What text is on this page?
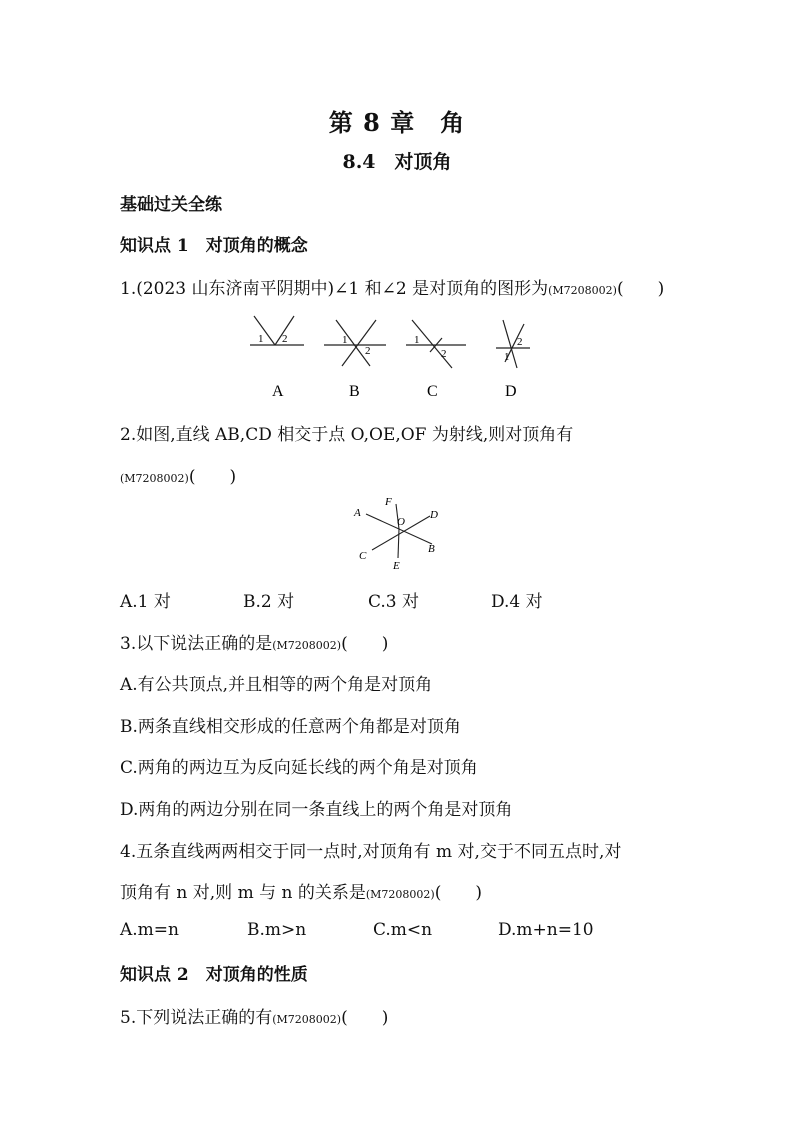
第 8 章　角
8.4　对顶角
基础过关全练
知识点 1　对顶角的概念
1.(2023 山东济南平阴期中)∠1 和∠2 是对顶角的图形为(M7208002)(　　)
1 2
A
1
2
B
1
2
C
1
2
D
2.如图,直线 AB,CD 相交于点 O,OE,OF 为射线,则对顶角有
(M7208002)(　　)
A
F
O
D
C
B
E
A.1 对	B.2 对	C.3 对	D.4 对
3.以下说法正确的是(M7208002)(　　)
A.有公共顶点,并且相等的两个角是对顶角
B.两条直线相交形成的任意两个角都是对顶角
C.两角的两边互为反向延长线的两个角是对顶角
D.两角的两边分别在同一条直线上的两个角是对顶角
4.五条直线两两相交于同一点时,对顶角有 m 对,交于不同五点时,对
顶角有 n 对,则 m 与 n 的关系是(M7208002)(　　)
A.m=n	B.m>n	C.m<n	D.m+n=10
知识点 2　对顶角的性质
5.下列说法正确的有(M7208002)(　　)
